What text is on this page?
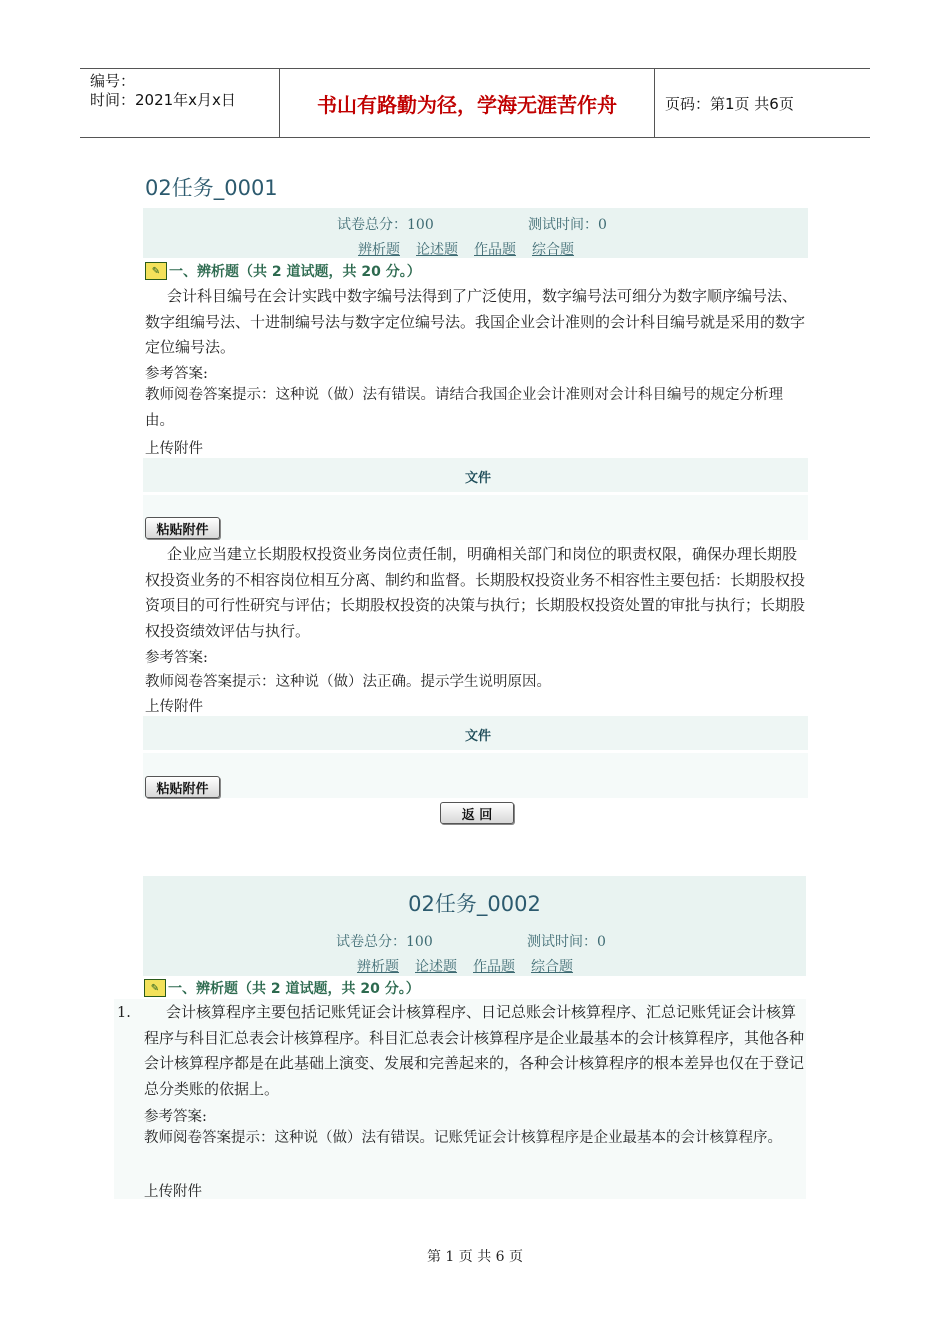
编号：
时间：2021年x月x日	书山有路勤为径，学海无涯苦作舟	页码：第1页 共6页
02任务_0001
试卷总分：100	测试时间：0
辨析题 论述题 作品题 综合题
✎ 一、辨析题（共 2 道试题，共 20 分。）
会计科目编号在会计实践中数字编号法得到了广泛使用，数字编号法可细分为数字顺序编号法、数字组编号法、十进制编号法与数字定位编号法。我国企业会计准则的会计科目编号就是采用的数字定位编号法。
参考答案:
教师阅卷答案提示：这种说（做）法有错误。请结合我国企业会计准则对会计科目编号的规定分析理由。
上传附件
文件
粘贴附件
企业应当建立长期股权投资业务岗位责任制，明确相关部门和岗位的职责权限，确保办理长期股权投资业务的不相容岗位相互分离、制约和监督。长期股权投资业务不相容性主要包括：长期股权投资项目的可行性研究与评估；长期股权投资的决策与执行；长期股权投资处置的审批与执行；长期股权投资绩效评估与执行。
参考答案:
教师阅卷答案提示：这种说（做）法正确。提示学生说明原因。
上传附件
文件
粘贴附件
返 回
02任务_0002
试卷总分：100	测试时间：0
辨析题 论述题 作品题 综合题
✎ 一、辨析题（共 2 道试题，共 20 分。）
1.	会计核算程序主要包括记账凭证会计核算程序、日记总账会计核算程序、汇总记账凭证会计核算程序与科目汇总表会计核算程序。科目汇总表会计核算程序是企业最基本的会计核算程序，其他各种会计核算程序都是在此基础上演变、发展和完善起来的，各种会计核算程序的根本差异也仅在于登记总分类账的依据上。
参考答案:
教师阅卷答案提示：这种说（做）法有错误。记账凭证会计核算程序是企业最基本的会计核算程序。
上传附件
第 1 页 共 6 页
